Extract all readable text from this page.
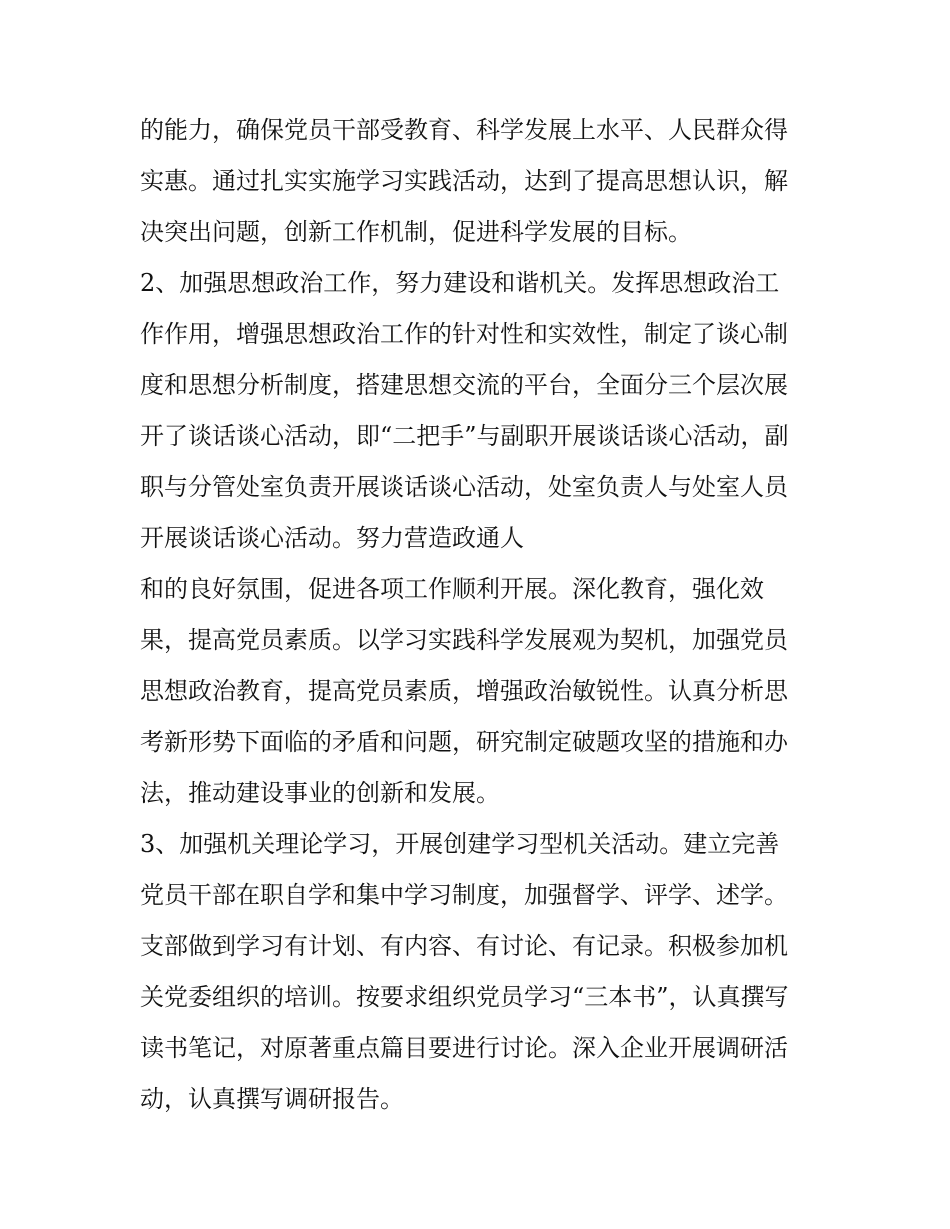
的能力，确保党员干部受教育、科学发展上水平、人民群众得
实惠。通过扎实实施学习实践活动，达到了提高思想认识，解
决突出问题，创新工作机制，促进科学发展的目标。
2、加强思想政治工作，努力建设和谐机关。发挥思想政治工
作作用，增强思想政治工作的针对性和实效性，制定了谈心制
度和思想分析制度，搭建思想交流的平台，全面分三个层次展
开了谈话谈心活动，即“二把手”与副职开展谈话谈心活动，副
职与分管处室负责开展谈话谈心活动，处室负责人与处室人员
开展谈话谈心活动。努力营造政通人
和的良好氛围，促进各项工作顺利开展。深化教育，强化效
果，提高党员素质。以学习实践科学发展观为契机，加强党员
思想政治教育，提高党员素质，增强政治敏锐性。认真分析思
考新形势下面临的矛盾和问题，研究制定破题攻坚的措施和办
法，推动建设事业的创新和发展。
3、加强机关理论学习，开展创建学习型机关活动。建立完善
党员干部在职自学和集中学习制度，加强督学、评学、述学。
支部做到学习有计划、有内容、有讨论、有记录。积极参加机
关党委组织的培训。按要求组织党员学习“三本书”，认真撰写
读书笔记，对原著重点篇目要进行讨论。深入企业开展调研活
动，认真撰写调研报告。
